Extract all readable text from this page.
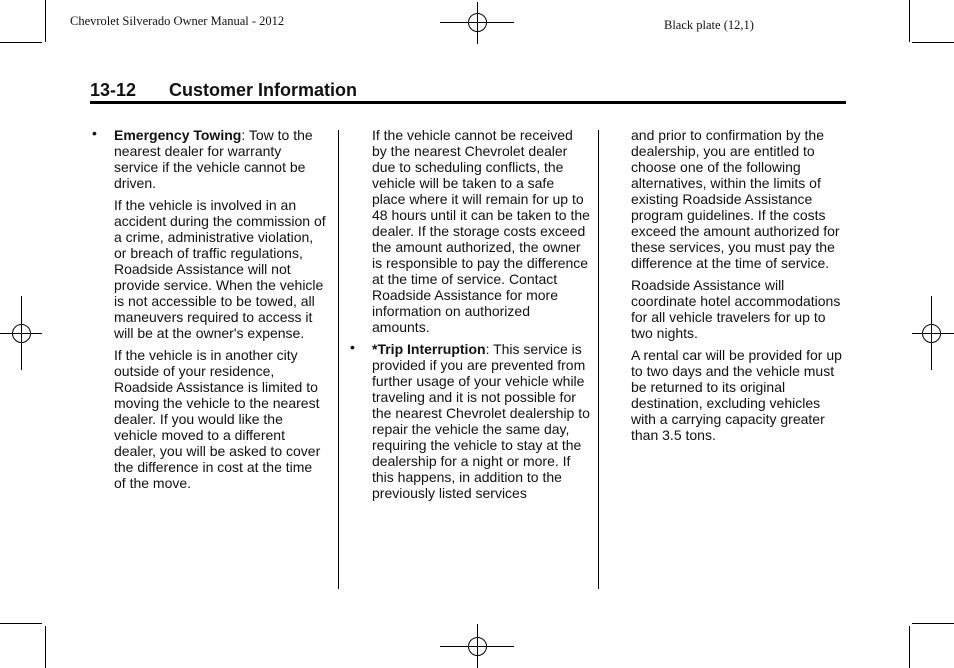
Chevrolet Silverado Owner Manual - 2012	Black plate (12,1)
13-12 Customer Information

• Emergency Towing: Tow to the nearest dealer for warranty service if the vehicle cannot be driven.

If the vehicle is involved in an accident during the commission of a crime, administrative violation, or breach of traffic regulations, Roadside Assistance will not provide service. When the vehicle is not accessible to be towed, all maneuvers required to access it will be at the owner's expense.

If the vehicle is in another city outside of your residence, Roadside Assistance is limited to moving the vehicle to the nearest dealer. If you would like the vehicle moved to a different dealer, you will be asked to cover the difference in cost at the time of the move.

If the vehicle cannot be received by the nearest Chevrolet dealer due to scheduling conflicts, the vehicle will be taken to a safe place where it will remain for up to 48 hours until it can be taken to the dealer. If the storage costs exceed the amount authorized, the owner is responsible to pay the difference at the time of service. Contact Roadside Assistance for more information on authorized amounts.

• *Trip Interruption: This service is provided if you are prevented from further usage of your vehicle while traveling and it is not possible for the nearest Chevrolet dealership to repair the vehicle the same day, requiring the vehicle to stay at the dealership for a night or more. If this happens, in addition to the previously listed services

and prior to confirmation by the dealership, you are entitled to choose one of the following alternatives, within the limits of existing Roadside Assistance program guidelines. If the costs exceed the amount authorized for these services, you must pay the difference at the time of service.

Roadside Assistance will coordinate hotel accommodations for all vehicle travelers for up to two nights.

A rental car will be provided for up to two days and the vehicle must be returned to its original destination, excluding vehicles with a carrying capacity greater than 3.5 tons.
